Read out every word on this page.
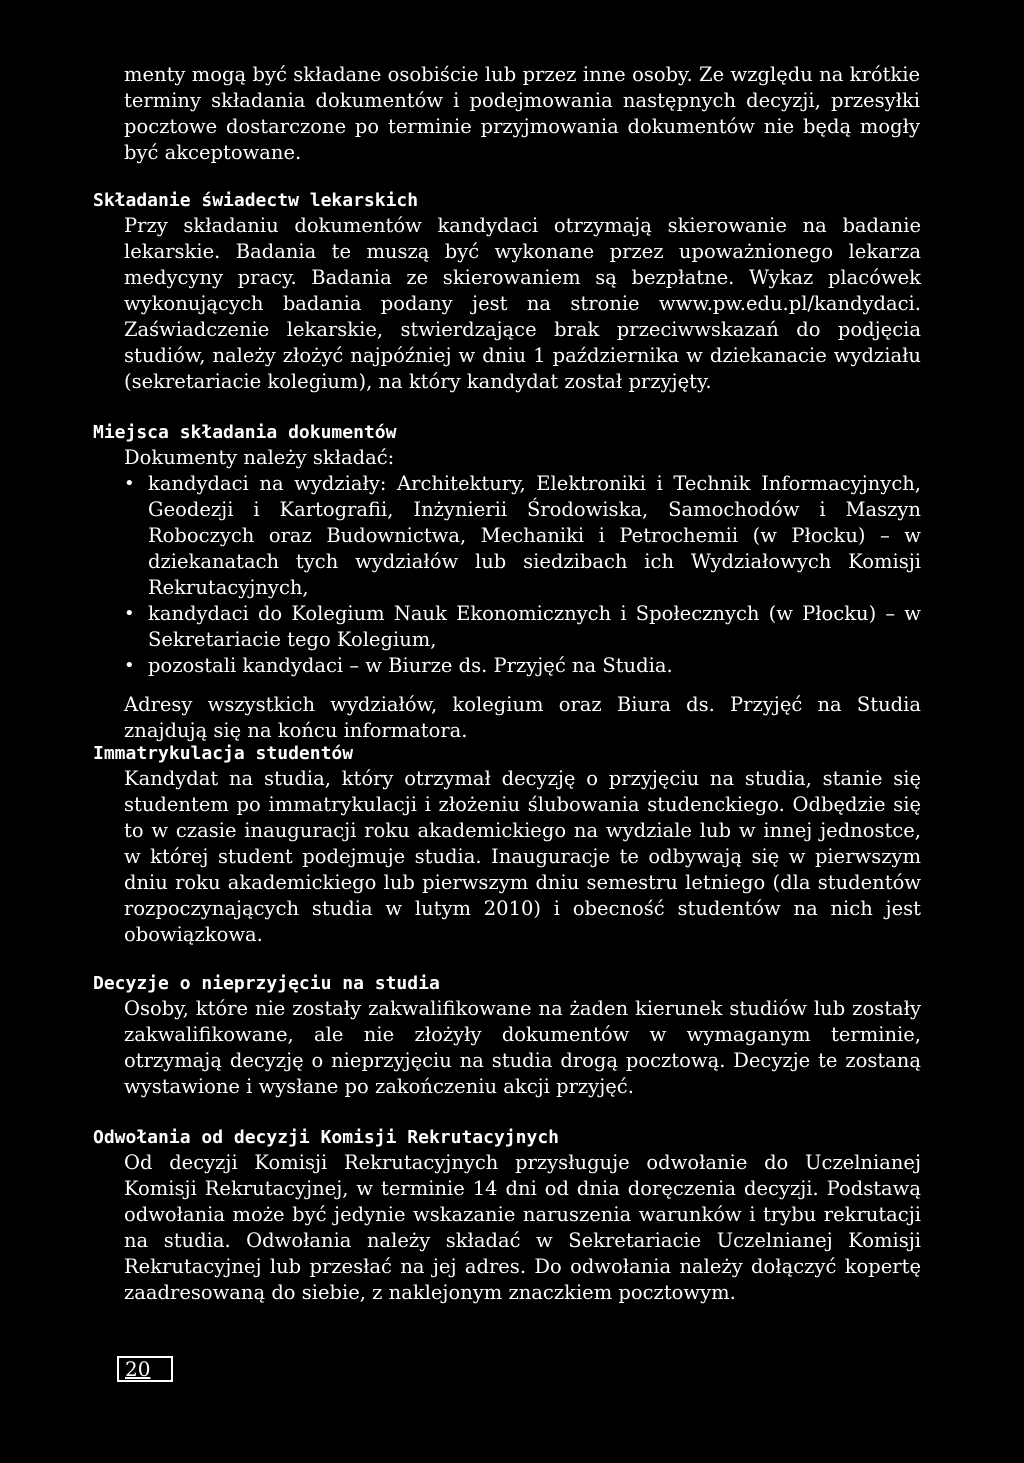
menty mogą być składane osobiście lub przez inne osoby. Ze względu na krótkie terminy składania dokumentów i podejmowania następnych decyzji, przesyłki pocztowe dostarczone po terminie przyjmowania dokumentów nie będą mogły być akceptowane.

Składanie świadectw lekarskich

Przy składaniu dokumentów kandydaci otrzymają skierowanie na badanie lekarskie. Badania te muszą być wykonane przez upoważnionego lekarza medycyny pracy. Badania ze skierowaniem są bezpłatne. Wykaz placówek wykonujących badania podany jest na stronie www.pw.edu.pl/kandydaci. Zaświadczenie lekarskie, stwierdzające brak przeciwwskazań do podjęcia studiów, należy złożyć najpóźniej w dniu 1 października w dziekanacie wydziału (sekretariacie kolegium), na który kandydat został przyjęty.

Miejsca składania dokumentów

Dokumenty należy składać:

• kandydaci na wydziały: Architektury, Elektroniki i Technik Informacyjnych, Geodezji i Kartografii, Inżynierii Środowiska, Samochodów i Maszyn Roboczych oraz Budownictwa, Mechaniki i Petrochemii (w Płocku) – w dziekanatach tych wydziałów lub siedzibach ich Wydziałowych Komisji Rekrutacyjnych,
• kandydaci do Kolegium Nauk Ekonomicznych i Społecznych (w Płocku) – w Sekretariacie tego Kolegium,
• pozostali kandydaci – w Biurze ds. Przyjęć na Studia.

Adresy wszystkich wydziałów, kolegium oraz Biura ds. Przyjęć na Studia znajdują się na końcu informatora.

Immatrykulacja studentów

Kandydat na studia, który otrzymał decyzję o przyjęciu na studia, stanie się studentem po immatrykulacji i złożeniu ślubowania studenckiego. Odbędzie się to w czasie inauguracji roku akademickiego na wydziale lub w innej jednostce, w której student podejmuje studia. Inauguracje te odbywają się w pierwszym dniu roku akademickiego lub pierwszym dniu semestru letniego (dla studentów rozpoczynających studia w lutym 2010) i obecność studentów na nich jest obowiązkowa.

Decyzje o nieprzyjęciu na studia

Osoby, które nie zostały zakwalifikowane na żaden kierunek studiów lub zostały zakwalifikowane, ale nie złożyły dokumentów w wymaganym terminie, otrzymają decyzję o nieprzyjęciu na studia drogą pocztową. Decyzje te zostaną wystawione i wysłane po zakończeniu akcji przyjęć.

Odwołania od decyzji Komisji Rekrutacyjnych

Od decyzji Komisji Rekrutacyjnych przysługuje odwołanie do Uczelnianej Komisji Rekrutacyjnej, w terminie 14 dni od dnia doręczenia decyzji. Podstawą odwołania może być jedynie wskazanie naruszenia warunków i trybu rekrutacji na studia. Odwołania należy składać w Sekretariacie Uczelnianej Komisji Rekrutacyjnej lub przesłać na jej adres. Do odwołania należy dołączyć kopertę zaadresowaną do siebie, z naklejonym znaczkiem pocztowym.

20
